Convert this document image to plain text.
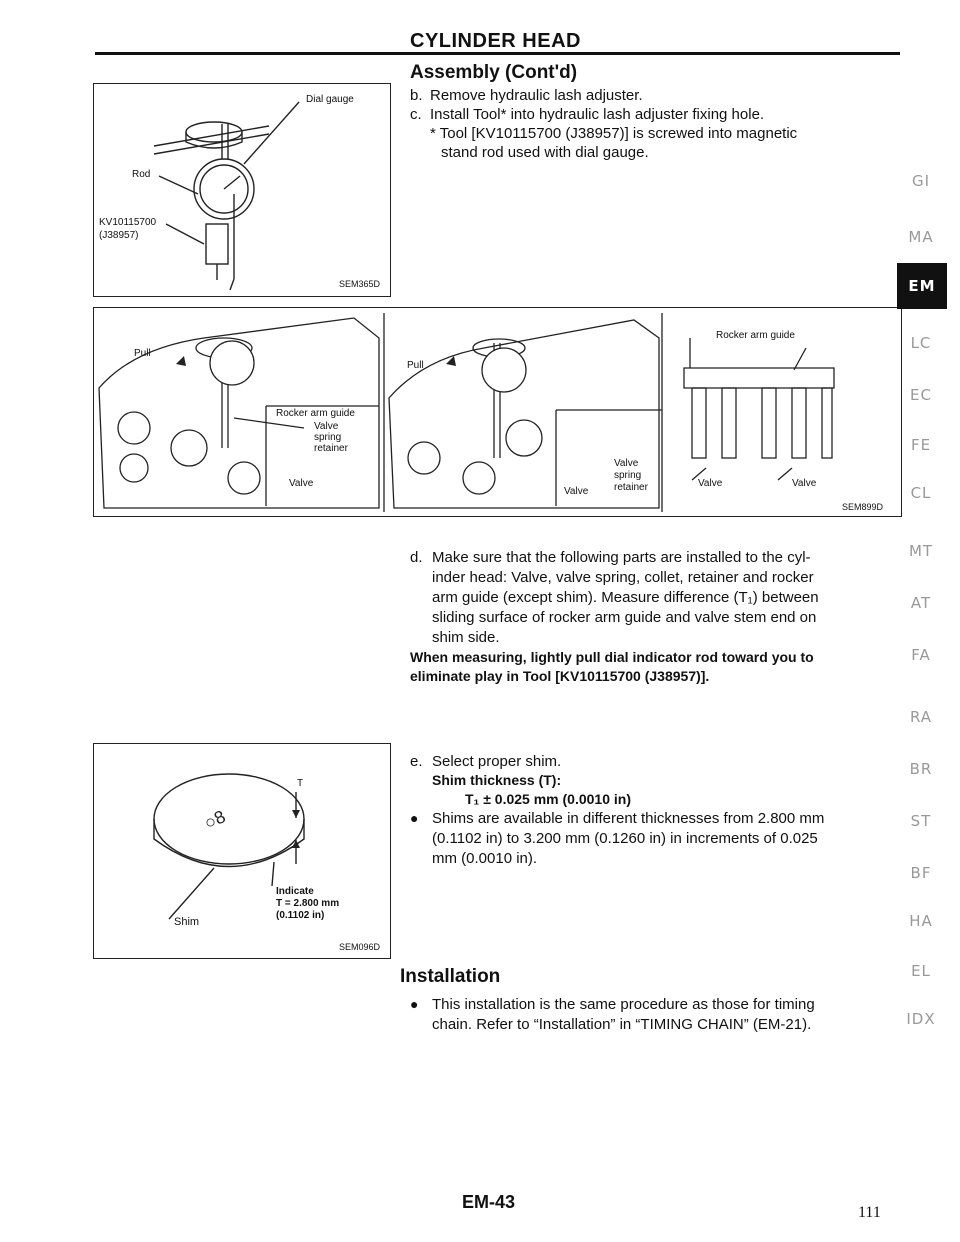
CYLINDER HEAD
Assembly (Cont'd)
b. Remove hydraulic lash adjuster.
c. Install Tool* into hydraulic lash adjuster fixing hole.
* Tool [KV10115700 (J38957)] is screwed into magnetic
stand rod used with dial gauge.
Dial gauge
Rod
KV10115700
(J38957)
SEM365D
Pull
Pull
Rocker arm guide
Valve	Valve
Rocker arm guide
Valve
spring
retainer
Valve
Valve
spring
retainer
Valve
SEM899D
d. Make sure that the following parts are installed to the cyl-
inder head: Valve, valve spring, collet, retainer and rocker
arm guide (except shim). Measure difference (T₁) between
sliding surface of rocker arm guide and valve stem end on
shim side.
When measuring, lightly pull dial indicator rod toward you to
eliminate play in Tool [KV10115700 (J38957)].
○8
T
Shim
Indicate
T = 2.800 mm
(0.1102 in)
SEM096D
e. Select proper shim.
Shim thickness (T):
T₁ ± 0.025 mm (0.0010 in)
● Shims are available in different thicknesses from 2.800 mm
(0.1102 in) to 3.200 mm (0.1260 in) in increments of 0.025
mm (0.0010 in).
Installation
● This installation is the same procedure as those for timing
chain. Refer to “Installation” in “TIMING CHAIN” (EM-21).
GI
MA
EM
LC
EC
FE
CL
MT
AT
FA
RA
BR
ST
BF
HA
EL
IDX
EM-43
111
